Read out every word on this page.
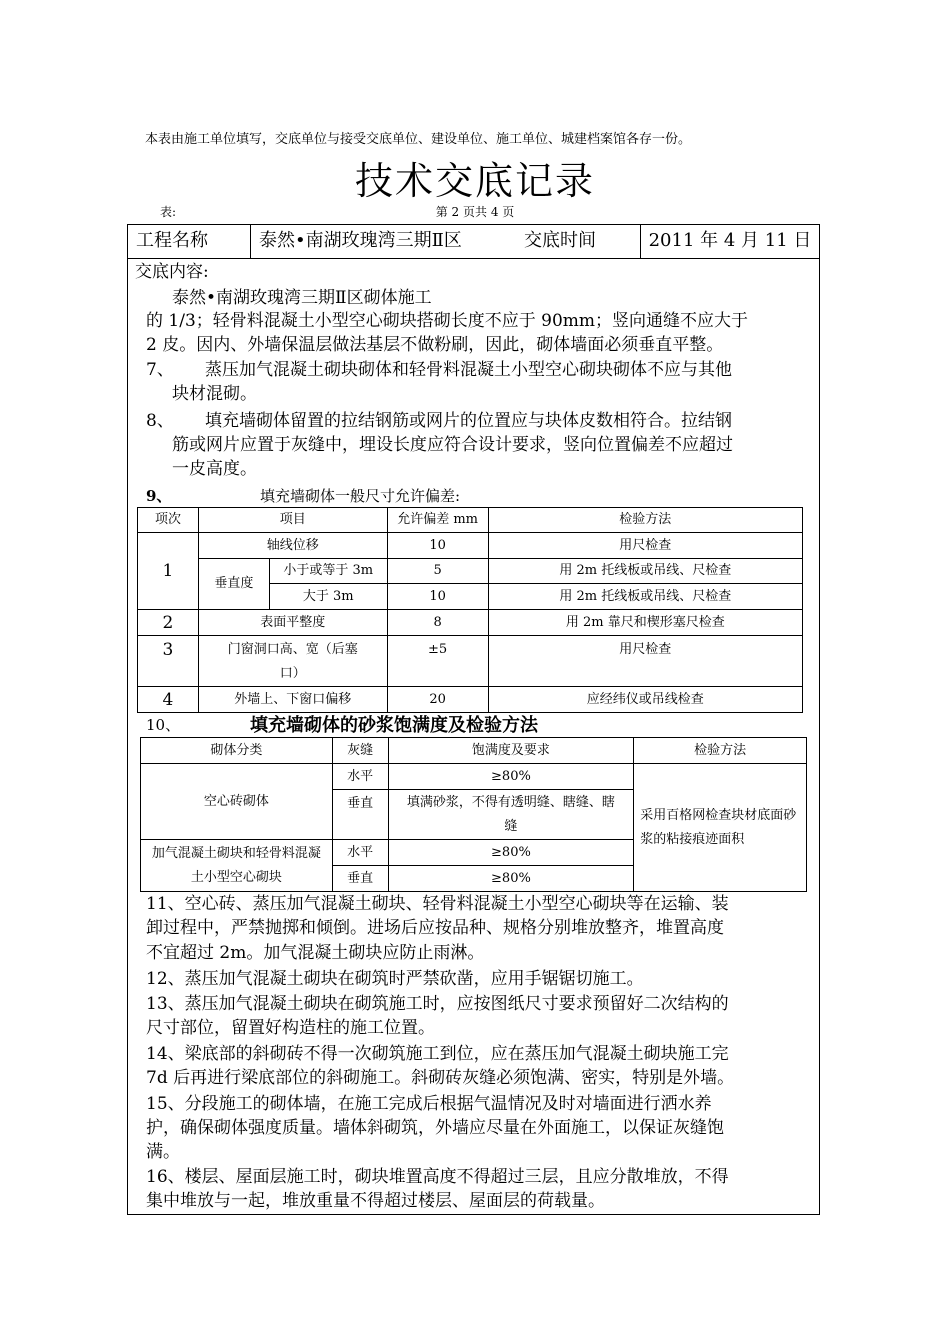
本表由施工单位填写，交底单位与接受交底单位、建设单位、施工单位、城建档案馆各存一份。
技术交底记录
表:	第 2 页共 4 页
工程名称	泰然•南湖玫瑰湾三期Ⅱ区	交底时间	2011 年 4 月 11 日
交底内容:
泰然•南湖玫瑰湾三期Ⅱ区砌体施工
的 1/3；轻骨料混凝土小型空心砌块搭砌长度不应于 90mm；竖向通缝不应大于
2 皮。因内、外墙保温层做法基层不做粉刷，因此，砌体墙面必须垂直平整。
7、 蒸压加气混凝土砌块砌体和轻骨料混凝土小型空心砌块砌体不应与其他
块材混砌。
8、 填充墙砌体留置的拉结钢筋或网片的位置应与块体皮数相符合。拉结钢
筋或网片应置于灰缝中，埋设长度应符合设计要求，竖向位置偏差不应超过
一皮高度。
9、	填充墙砌体一般尺寸允许偏差:
项次	项目		允许偏差 mm	检验方法
1	轴线位移		10	用尺检查
	垂直度	小于或等于 3m	5	用 2m 托线板或吊线、尺检查
		大于 3m	10	用 2m 托线板或吊线、尺检查
2	表面平整度		8	用 2m 靠尺和楔形塞尺检查
3	门窗洞口高、宽（后塞口）		±5	用尺检查
4	外墙上、下窗口偏移		20	应经纬仪或吊线检查
10、	填充墙砌体的砂浆饱满度及检验方法
砌体分类	灰缝	饱满度及要求	检验方法
空心砖砌体	水平	≥80%	采用百格网检查块材底面砂浆的粘接痕迹面积
	垂直	填满砂浆，不得有透明缝、瞎缝、瞎缝	
加气混凝土砌块和轻骨料混凝土小型空心砌块	水平	≥80%	
	垂直	≥80%	
11、空心砖、蒸压加气混凝土砌块、轻骨料混凝土小型空心砌块等在运输、装
卸过程中，严禁抛掷和倾倒。进场后应按品种、规格分别堆放整齐，堆置高度
不宜超过 2m。加气混凝土砌块应防止雨淋。
12、蒸压加气混凝土砌块在砌筑时严禁砍凿，应用手锯锯切施工。
13、蒸压加气混凝土砌块在砌筑施工时，应按图纸尺寸要求预留好二次结构的
尺寸部位，留置好构造柱的施工位置。
14、梁底部的斜砌砖不得一次砌筑施工到位，应在蒸压加气混凝土砌块施工完
7d 后再进行梁底部位的斜砌施工。斜砌砖灰缝必须饱满、密实，特别是外墙。
15、分段施工的砌体墙，在施工完成后根据气温情况及时对墙面进行洒水养
护，确保砌体强度质量。墙体斜砌筑，外墙应尽量在外面施工，以保证灰缝饱
满。
16、楼层、屋面层施工时，砌块堆置高度不得超过三层，且应分散堆放，不得
集中堆放与一起，堆放重量不得超过楼层、屋面层的荷载量。
